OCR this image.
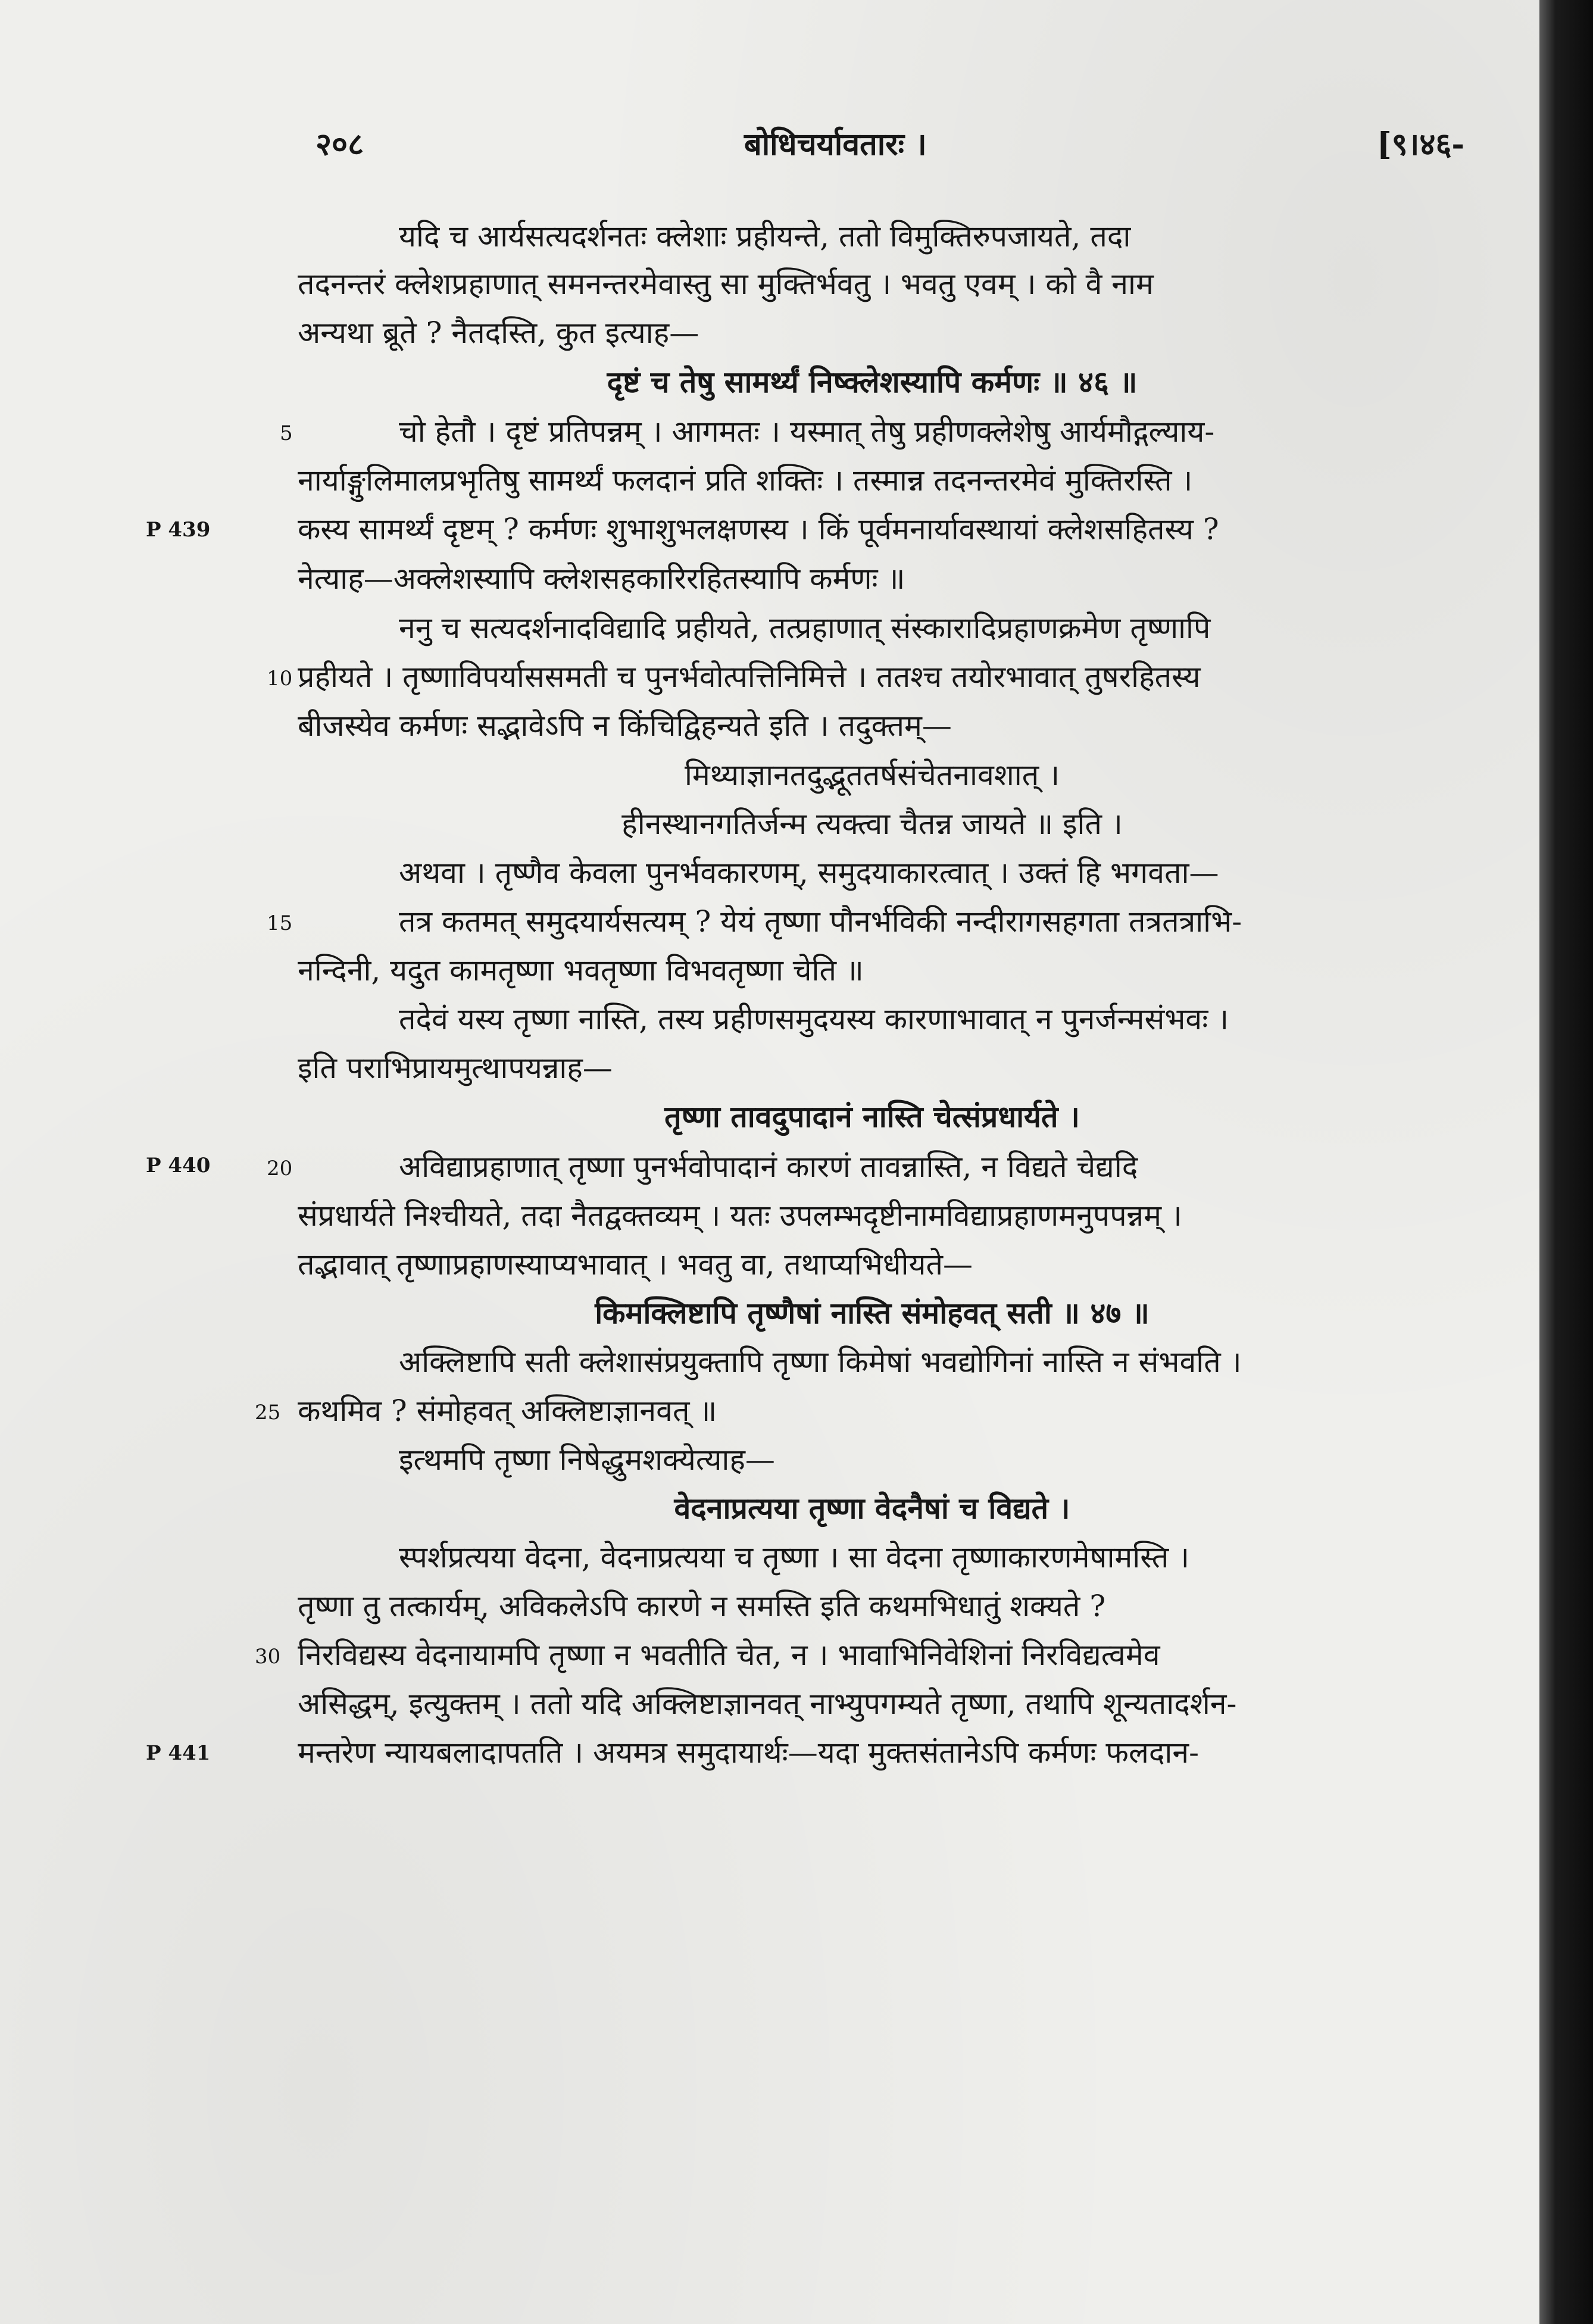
२०८	बोधिचर्यावतारः ।	[९।४६-
यदि च आर्यसत्यदर्शनतः क्लेशाः प्रहीयन्ते, ततो विमुक्तिरुपजायते, तदा
तदनन्तरं क्लेशप्रहाणात् समनन्तरमेवास्तु सा मुक्तिर्भवतु । भवतु एवम् । को वै नाम
अन्यथा ब्रूते ? नैतदस्ति, कुत इत्याह—
दृष्टं च तेषु सामर्थ्यं निष्क्लेशस्यापि कर्मणः ॥ ४६ ॥
चो हेतौ । दृष्टं प्रतिपन्नम् । आगमतः । यस्मात् तेषु प्रहीणक्लेशेषु आर्यमौद्गल्याय-
नार्याङ्गुलिमालप्रभृतिषु सामर्थ्यं फलदानं प्रति शक्तिः । तस्मान्न तदनन्तरमेवं मुक्तिरस्ति ।
कस्य सामर्थ्यं दृष्टम् ? कर्मणः शुभाशुभलक्षणस्य । किं पूर्वमनार्यावस्थायां क्लेशसहितस्य ?
नेत्याह—अक्लेशस्यापि क्लेशसहकारिरहितस्यापि कर्मणः ॥
ननु च सत्यदर्शनादविद्यादि प्रहीयते, तत्प्रहाणात् संस्कारादिप्रहाणक्रमेण तृष्णापि
प्रहीयते । तृष्णाविपर्याससमती च पुनर्भवोत्पत्तिनिमित्ते । ततश्च तयोरभावात् तुषरहितस्य
बीजस्येव कर्मणः सद्भावेऽपि न किंचिद्विहन्यते इति । तदुक्तम्—
मिथ्याज्ञानतदुद्भूततर्षसंचेतनावशात् ।
हीनस्थानगतिर्जन्म त्यक्त्वा चैतन्न जायते ॥ इति ।
अथवा । तृष्णैव केवला पुनर्भवकारणम्, समुदयाकारत्वात् । उक्तं हि भगवता—
तत्र कतमत् समुदयार्यसत्यम् ? येयं तृष्णा पौनर्भविकी नन्दीरागसहगता तत्रतत्राभि-
नन्दिनी, यदुत कामतृष्णा भवतृष्णा विभवतृष्णा चेति ॥
तदेवं यस्य तृष्णा नास्ति, तस्य प्रहीणसमुदयस्य कारणाभावात् न पुनर्जन्मसंभवः ।
इति पराभिप्रायमुत्थापयन्नाह—
तृष्णा तावदुपादानं नास्ति चेत्संप्रधार्यते ।
अविद्याप्रहाणात् तृष्णा पुनर्भवोपादानं कारणं तावन्नास्ति, न विद्यते चेद्यदि
संप्रधार्यते निश्चीयते, तदा नैतद्वक्तव्यम् । यतः उपलम्भदृष्टीनामविद्याप्रहाणमनुपपन्नम् ।
तद्भावात् तृष्णाप्रहाणस्याप्यभावात् । भवतु वा, तथाप्यभिधीयते—
किमक्लिष्टापि तृष्णैषां नास्ति संमोहवत् सती ॥ ४७ ॥
अक्लिष्टापि सती क्लेशासंप्रयुक्तापि तृष्णा किमेषां भवद्योगिनां नास्ति न संभवति ।
कथमिव ? संमोहवत् अक्लिष्टाज्ञानवत् ॥
इत्थमपि तृष्णा निषेद्धुमशक्येत्याह—
वेदनाप्रत्यया तृष्णा वेदनैषां च विद्यते ।
स्पर्शप्रत्यया वेदना, वेदनाप्रत्यया च तृष्णा । सा वेदना तृष्णाकारणमेषामस्ति ।
तृष्णा तु तत्कार्यम्, अविकलेऽपि कारणे न समस्ति इति कथमभिधातुं शक्यते ?
निरविद्यस्य वेदनायामपि तृष्णा न भवतीति चेत, न । भावाभिनिवेशिनां निरविद्यत्वमेव
असिद्धम्, इत्युक्तम् । ततो यदि अक्लिष्टाज्ञानवत् नाभ्युपगम्यते तृष्णा, तथापि शून्यतादर्शन-
मन्तरेण न्यायबलादापतति । अयमत्र समुदायार्थः—यदा मुक्तसंतानेऽपि कर्मणः फलदान-
5
10
15
20
25
30
P 439
P 440
P 441
